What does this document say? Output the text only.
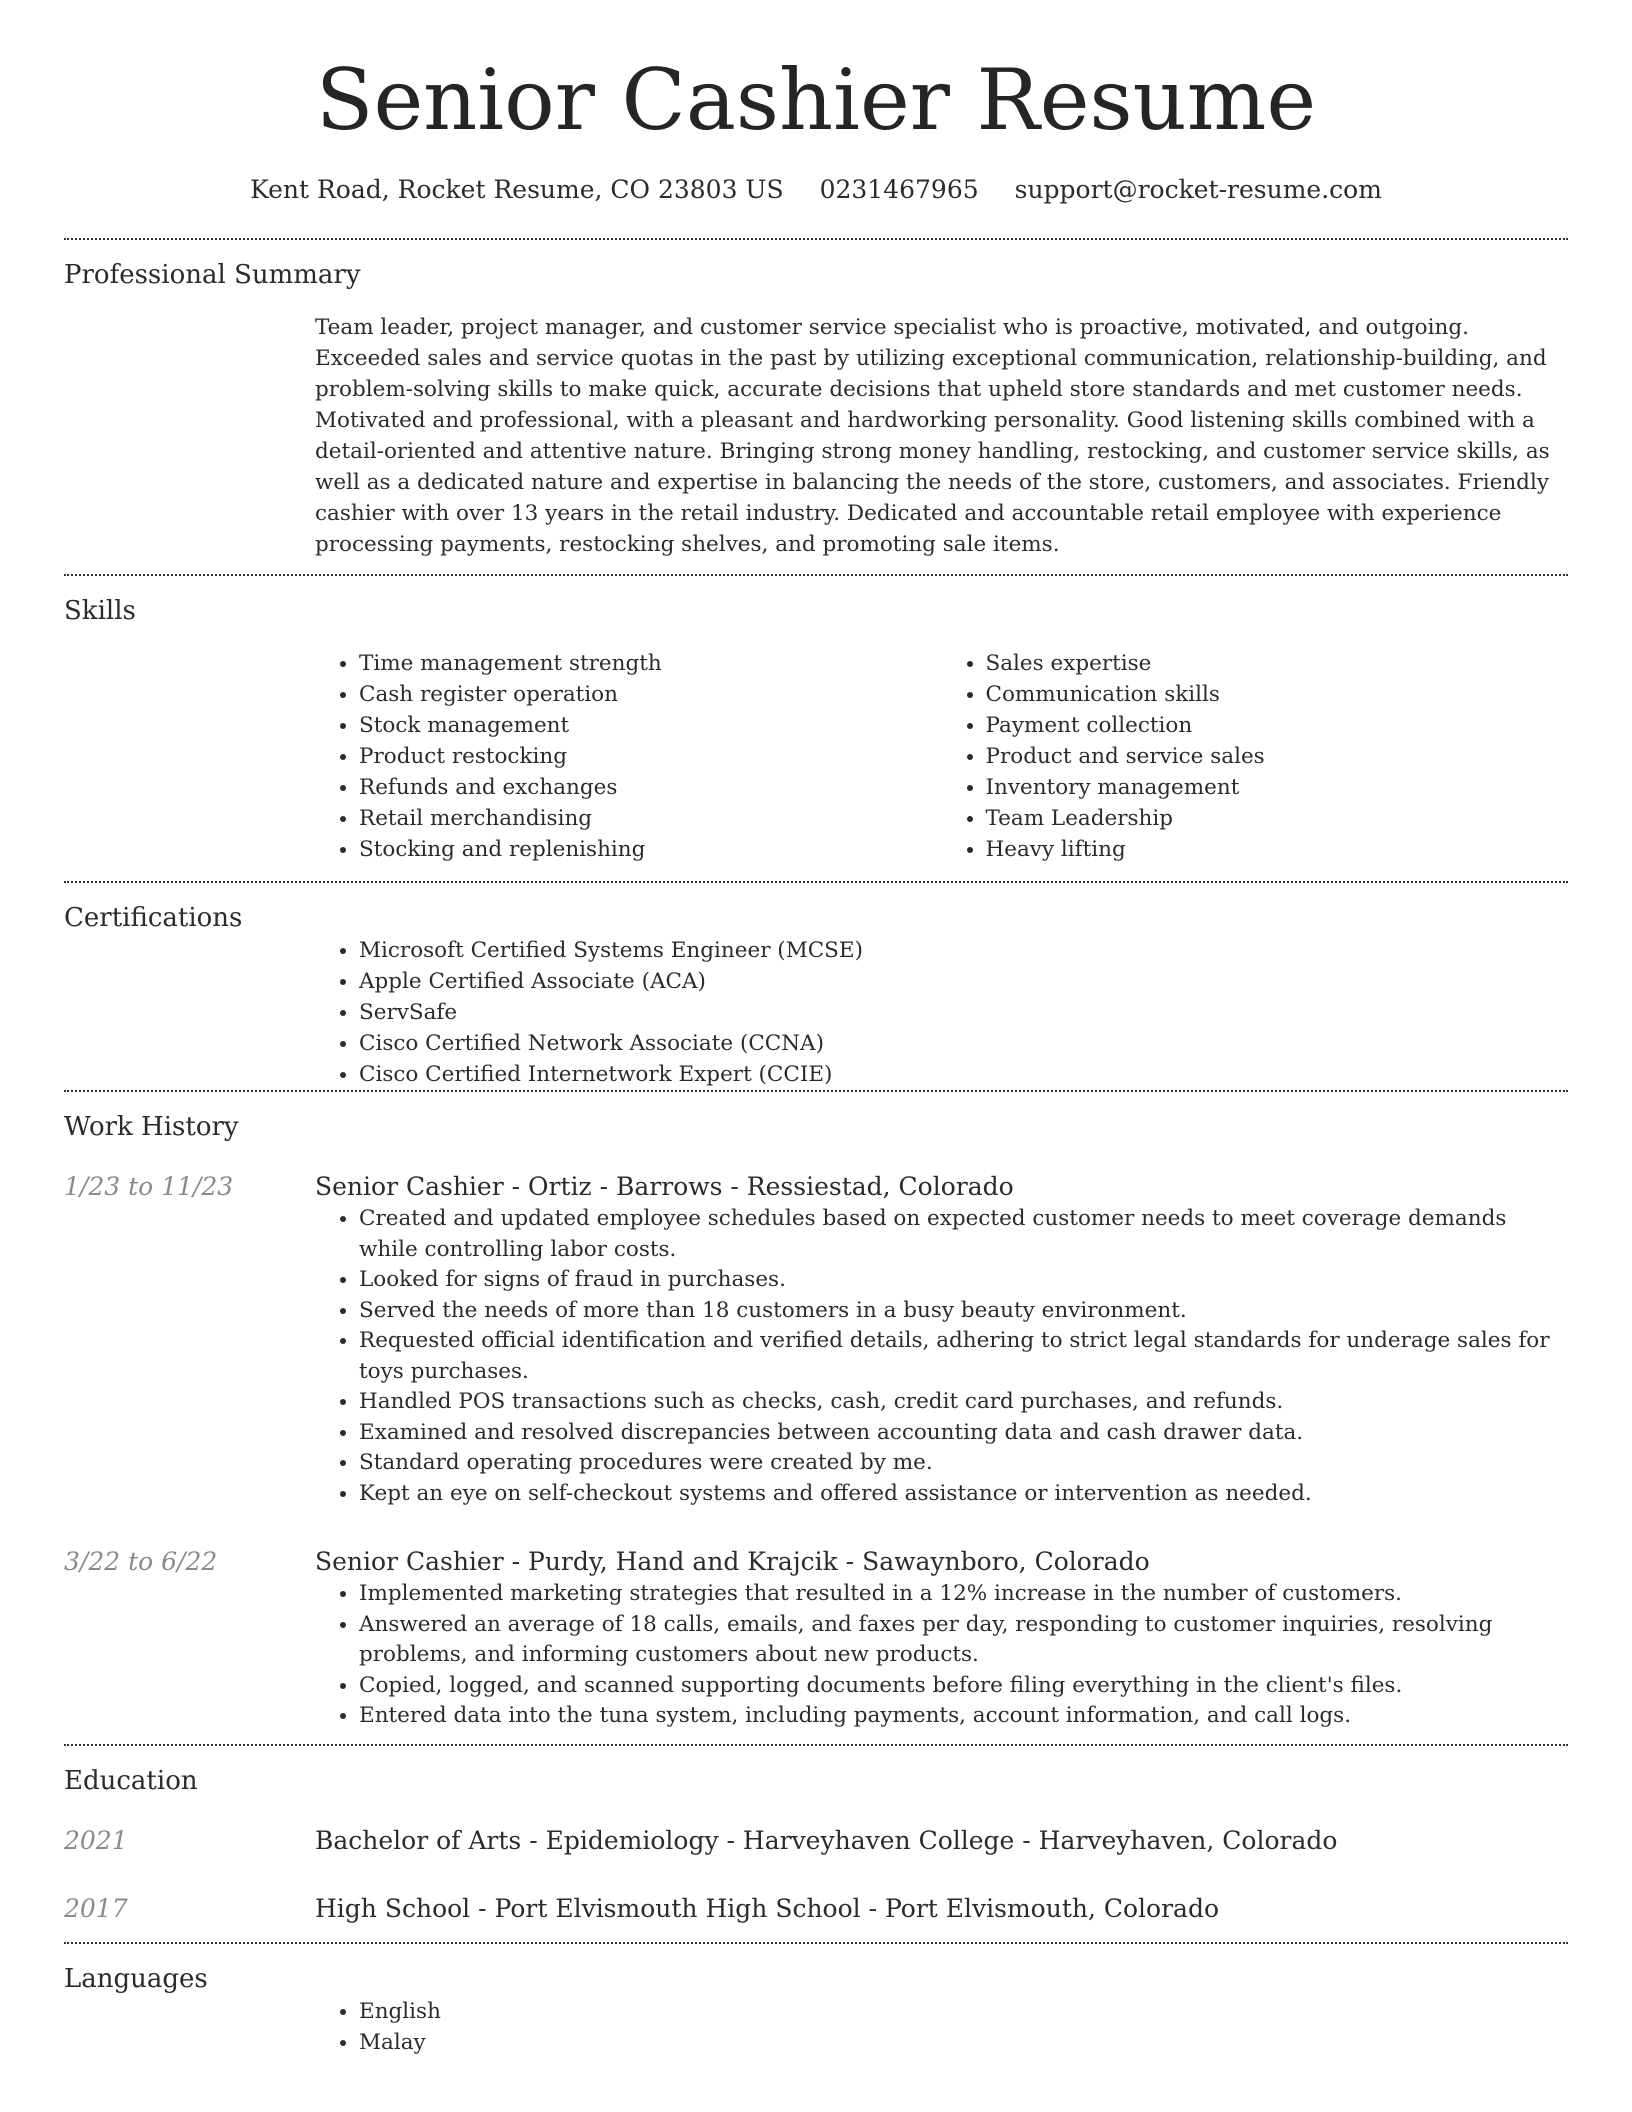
Senior Cashier Resume
Kent Road, Rocket Resume, CO 23803 US 0231467965 support@rocket-resume.com
Professional Summary

Team leader, project manager, and customer service specialist who is proactive, motivated, and outgoing. Exceeded sales and service quotas in the past by utilizing exceptional communication, relationship-building, and problem-solving skills to make quick, accurate decisions that upheld store standards and met customer needs. Motivated and professional, with a pleasant and hardworking personality. Good listening skills combined with a detail-oriented and attentive nature. Bringing strong money handling, restocking, and customer service skills, as well as a dedicated nature and expertise in balancing the needs of the store, customers, and associates. Friendly cashier with over 13 years in the retail industry. Dedicated and accountable retail employee with experience processing payments, restocking shelves, and promoting sale items.

Skills
• Time management strength
• Cash register operation
• Stock management
• Product restocking
• Refunds and exchanges
• Retail merchandising
• Stocking and replenishing
• Sales expertise
• Communication skills
• Payment collection
• Product and service sales
• Inventory management
• Team Leadership
• Heavy lifting
Certifications
• Microsoft Certified Systems Engineer (MCSE)
• Apple Certified Associate (ACA)
• ServSafe
• Cisco Certified Network Associate (CCNA)
• Cisco Certified Internetwork Expert (CCIE)
Work History
1/23 to 11/23	Senior Cashier - Ortiz - Barrows - Ressiestad, Colorado
• Created and updated employee schedules based on expected customer needs to meet coverage demands while controlling labor costs.
• Looked for signs of fraud in purchases.
• Served the needs of more than 18 customers in a busy beauty environment.
• Requested official identification and verified details, adhering to strict legal standards for underage sales for toys purchases.
• Handled POS transactions such as checks, cash, credit card purchases, and refunds.
• Examined and resolved discrepancies between accounting data and cash drawer data.
• Standard operating procedures were created by me.
• Kept an eye on self-checkout systems and offered assistance or intervention as needed.
3/22 to 6/22	Senior Cashier - Purdy, Hand and Krajcik - Sawaynboro, Colorado
• Implemented marketing strategies that resulted in a 12% increase in the number of customers.
• Answered an average of 18 calls, emails, and faxes per day, responding to customer inquiries, resolving problems, and informing customers about new products.
• Copied, logged, and scanned supporting documents before filing everything in the client's files.
• Entered data into the tuna system, including payments, account information, and call logs.
Education
2021	Bachelor of Arts - Epidemiology - Harveyhaven College - Harveyhaven, Colorado
2017	High School - Port Elvismouth High School - Port Elvismouth, Colorado
Languages
• English
• Malay
